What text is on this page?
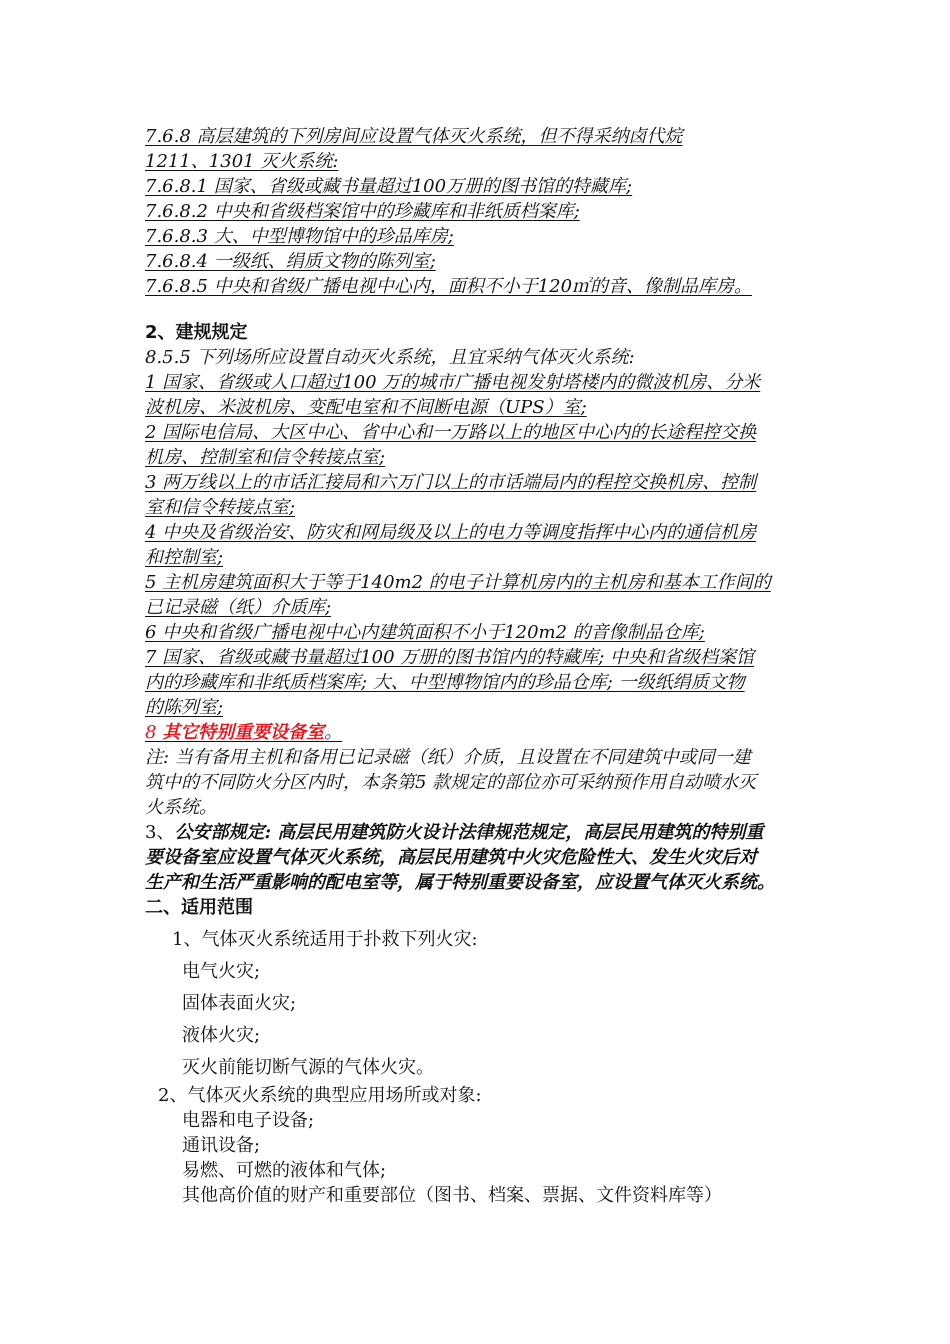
7.6.8 高层建筑的下列房间应设置气体灭火系统，但不得采纳卤代烷
1211、1301 灭火系统:
7.6.8.1 国家、省级或藏书量超过100万册的图书馆的特藏库;
7.6.8.2 中央和省级档案馆中的珍藏库和非纸质档案库;
7.6.8.3 大、中型博物馆中的珍品库房;
7.6.8.4 一级纸、绢质文物的陈列室;
7.6.8.5 中央和省级广播电视中心内，面积不小于120㎡的音、像制品库房。
2、建规规定
8.5.5 下列场所应设置自动灭火系统，且宜采纳气体灭火系统:
1 国家、省级或人口超过100 万的城市广播电视发射塔楼内的微波机房、分米
波机房、米波机房、变配电室和不间断电源（UPS）室;
2 国际电信局、大区中心、省中心和一万路以上的地区中心内的长途程控交换
机房、控制室和信令转接点室;
3 两万线以上的市话汇接局和六万门以上的市话端局内的程控交换机房、控制
室和信令转接点室;
4 中央及省级治安、防灾和网局级及以上的电力等调度指挥中心内的通信机房
和控制室;
5 主机房建筑面积大于等于140m2 的电子计算机房内的主机房和基本工作间的
已记录磁（纸）介质库;
6 中央和省级广播电视中心内建筑面积不小于120m2 的音像制品仓库;
7 国家、省级或藏书量超过100 万册的图书馆内的特藏库; 中央和省级档案馆
内的珍藏库和非纸质档案库; 大、中型博物馆内的珍品仓库; 一级纸绢质文物
的陈列室;
8 其它特别重要设备室。
注: 当有备用主机和备用已记录磁（纸）介质，且设置在不同建筑中或同一建
筑中的不同防火分区内时，本条第5 款规定的部位亦可采纳预作用自动喷水灭
火系统。
3、公安部规定: 高层民用建筑防火设计法律规范规定，高层民用建筑的特别重
要设备室应设置气体灭火系统，高层民用建筑中火灾危险性大、发生火灾后对
生产和生活严重影响的配电室等，属于特别重要设备室，应设置气体灭火系统。
二、适用范围
1、气体灭火系统适用于扑救下列火灾:
电气火灾;
固体表面火灾;
液体火灾;
灭火前能切断气源的气体火灾。
2、气体灭火系统的典型应用场所或对象:
电器和电子设备;
通讯设备;
易燃、可燃的液体和气体;
其他高价值的财产和重要部位（图书、档案、票据、文件资料库等）
